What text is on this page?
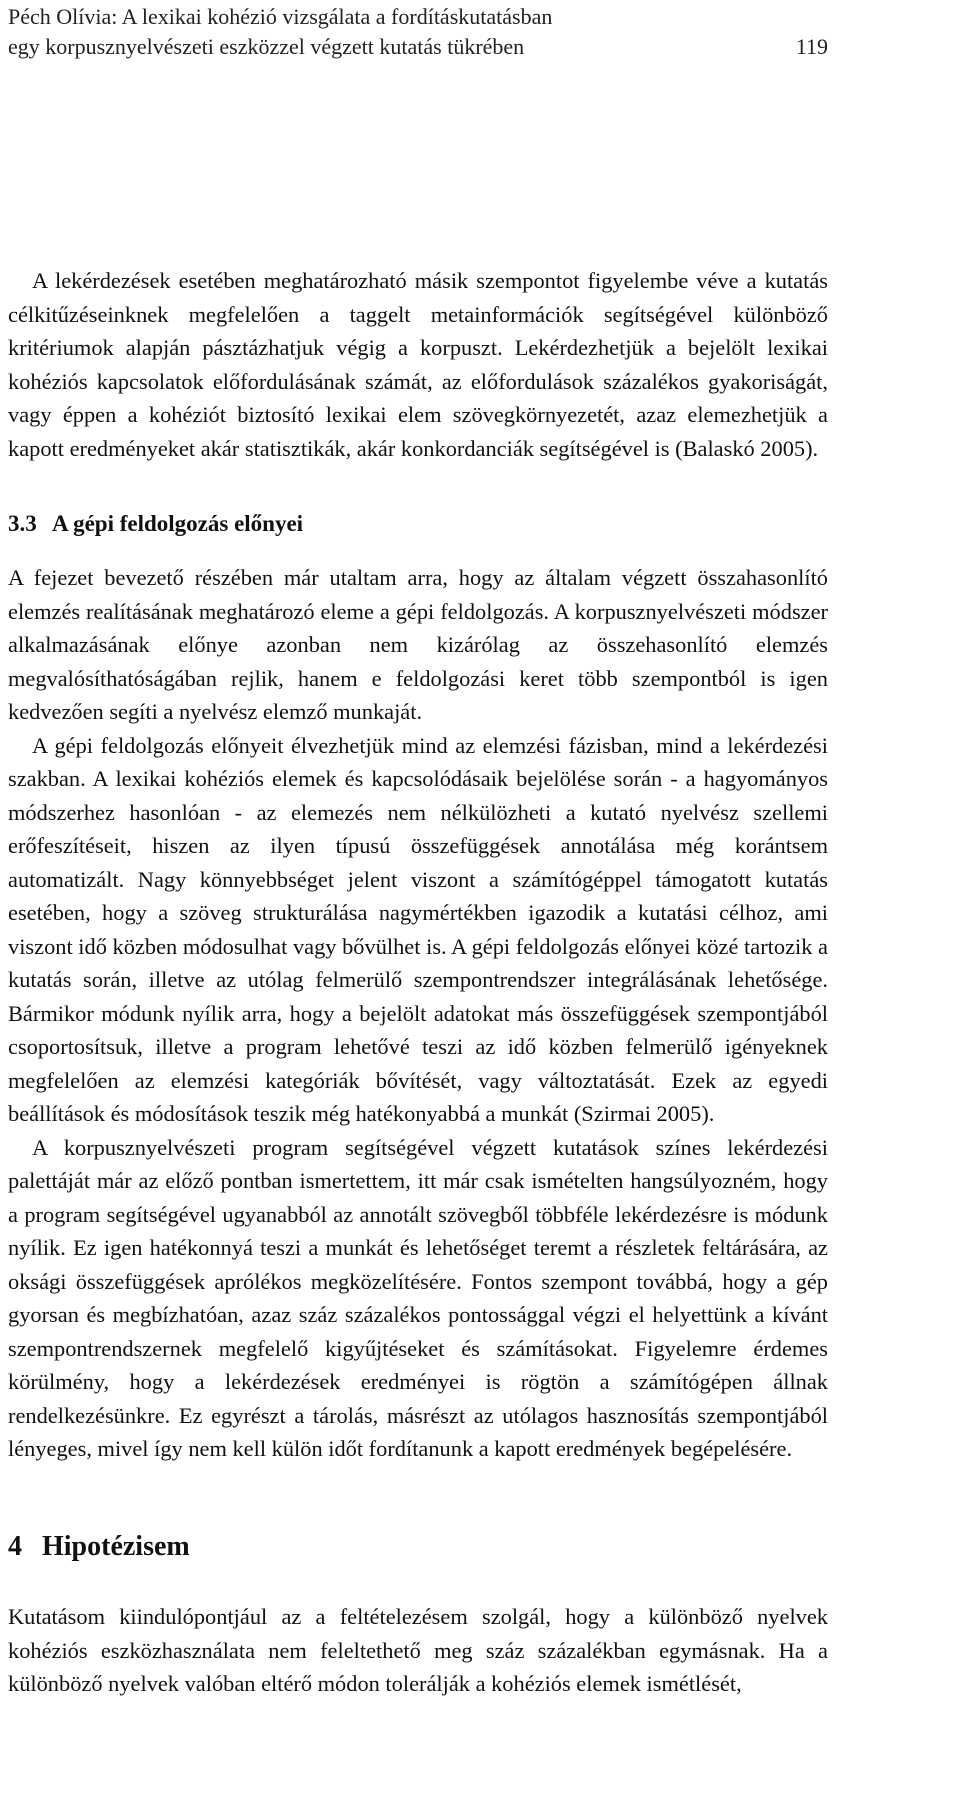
Péch Olívia: A lexikai kohézió vizsgálata a fordításkutatásban
egy korpusznyelvészeti eszközzel végzett kutatás tükrében	119

A lekérdezések esetében meghatározható másik szempontot figyelembe véve a kutatás célkitűzéseinknek megfelelően a taggelt metainformációk segítségével különböző kritériumok alapján pásztázhatjuk végig a korpuszt. Lekérdezhetjük a bejelölt lexikai kohéziós kapcsolatok előfordulásának számát, az előfordulások százalékos gyakoriságát, vagy éppen a kohéziót biztosító lexikai elem szövegkörnyezetét, azaz elemezhetjük a kapott eredményeket akár statisztikák, akár konkordanciák segítségével is (Balaskó 2005).

3.3 A gépi feldolgozás előnyei

A fejezet bevezető részében már utaltam arra, hogy az általam végzett összahasonlító elemzés realításának meghatározó eleme a gépi feldolgozás. A korpusznyelvészeti módszer alkalmazásának előnye azonban nem kizárólag az összehasonlító elemzés megvalósíthatóságában rejlik, hanem e feldolgozási keret több szempontból is igen kedvezően segíti a nyelvész elemző munkaját.

A gépi feldolgozás előnyeit élvezhetjük mind az elemzési fázisban, mind a lekérdezési szakban. A lexikai kohéziós elemek és kapcsolódásaik bejelölése során - a hagyományos módszerhez hasonlóan - az elemezés nem nélkülözheti a kutató nyelvész szellemi erőfeszítéseit, hiszen az ilyen típusú összefüggések annotálása még korántsem automatizált. Nagy könnyebbséget jelent viszont a számítógéppel támogatott kutatás esetében, hogy a szöveg strukturálása nagymértékben igazodik a kutatási célhoz, ami viszont idő közben módosulhat vagy bővülhet is. A gépi feldolgozás előnyei közé tartozik a kutatás során, illetve az utólag felmerülő szempontrendszer integrálásának lehetősége. Bármikor módunk nyílik arra, hogy a bejelölt adatokat más összefüggések szempontjából csoportosítsuk, illetve a program lehetővé teszi az idő közben felmerülő igényeknek megfelelően az elemzési kategóriák bővítését, vagy változtatását. Ezek az egyedi beállítások és módosítások teszik még hatékonyabbá a munkát (Szirmai 2005).

A korpusznyelvészeti program segítségével végzett kutatások színes lekérdezési palettáját már az előző pontban ismertettem, itt már csak ismételten hangsúlyozném, hogy a program segítségével ugyanabból az annotált szövegből többféle lekérdezésre is módunk nyílik. Ez igen hatékonnyá teszi a munkát és lehetőséget teremt a részletek feltárására, az oksági összefüggések aprólékos megközelítésére. Fontos szempont továbbá, hogy a gép gyorsan és megbízhatóan, azaz száz százalékos pontossággal végzi el helyettünk a kívánt szempontrendszernek megfelelő kigyűjtéseket és számításokat. Figyelemre érdemes körülmény, hogy a lekérdezések eredményei is rögtön a számítógépen állnak rendelkezésünkre. Ez egyrészt a tárolás, másrészt az utólagos hasznosítás szempontjából lényeges, mivel így nem kell külön időt fordítanunk a kapott eredmények begépelésére.

4 Hipotézisem

Kutatásom kiindulópontjául az a feltételezésem szolgál, hogy a különböző nyelvek kohéziós eszközhasználata nem feleltethető meg száz százalékban egymásnak. Ha a különböző nyelvek valóban eltérő módon tolerálják a kohéziós elemek ismétlését,
